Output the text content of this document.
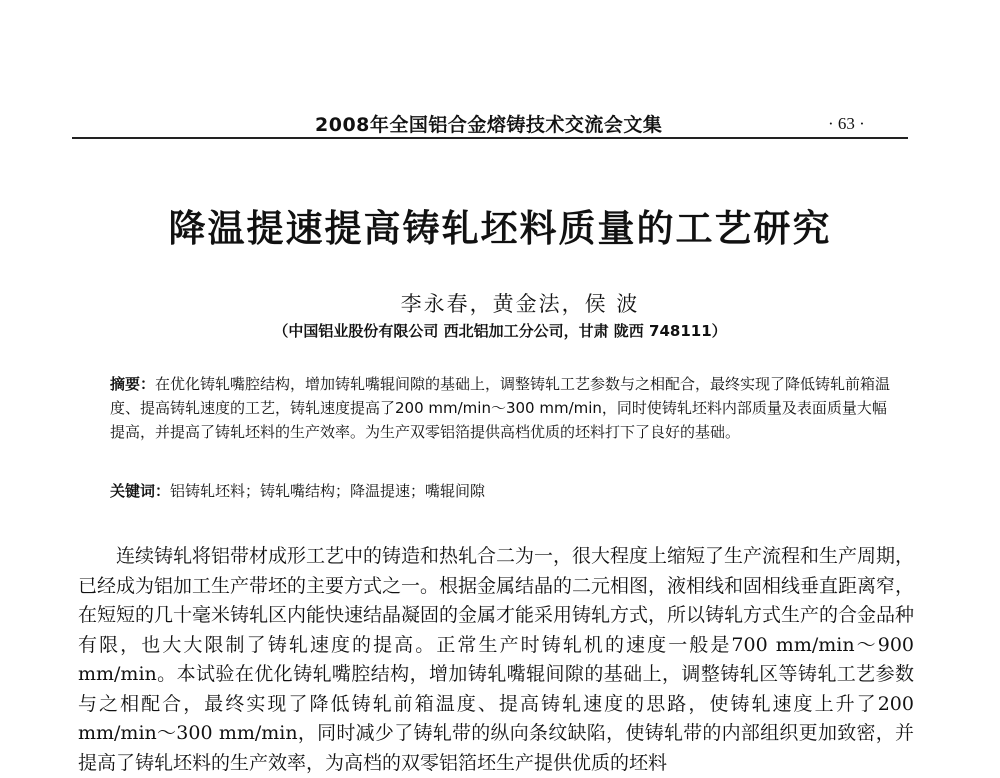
2008年全国铝合金熔铸技术交流会文集	· 63 ·
降温提速提高铸轧坯料质量的工艺研究
李永春，黄金法，侯 波
（中国铝业股份有限公司 西北铝加工分公司，甘肃 陇西 748111）
摘要：在优化铸轧嘴腔结构，增加铸轧嘴辊间隙的基础上，调整铸轧工艺参数与之相配合，最终实现了降低铸轧前箱温度、提高铸轧速度的工艺，铸轧速度提高了200 mm/min～300 mm/min，同时使铸轧坯料内部质量及表面质量大幅提高，并提高了铸轧坯料的生产效率。为生产双零铝箔提供高档优质的坯料打下了良好的基础。
关键词：铝铸轧坯料；铸轧嘴结构；降温提速；嘴辊间隙
连续铸轧将铝带材成形工艺中的铸造和热轧合二为一，很大程度上缩短了生产流程和生产周期，已经成为铝加工生产带坯的主要方式之一。根据金属结晶的二元相图，液相线和固相线垂直距离窄，在短短的几十毫米铸轧区内能快速结晶凝固的金属才能采用铸轧方式，所以铸轧方式生产的合金品种有限，也大大限制了铸轧速度的提高。正常生产时铸轧机的速度一般是700 mm/min～900 mm/min。本试验在优化铸轧嘴腔结构，增加铸轧嘴辊间隙的基础上，调整铸轧区等铸轧工艺参数与之相配合，最终实现了降低铸轧前箱温度、提高铸轧速度的思路，使铸轧速度上升了200 mm/min～300 mm/min，同时减少了铸轧带的纵向条纹缺陷，使铸轧带的内部组织更加致密，并提高了铸轧坯料的生产效率，为高档的双零铝箔坯生产提供优质的坯料
